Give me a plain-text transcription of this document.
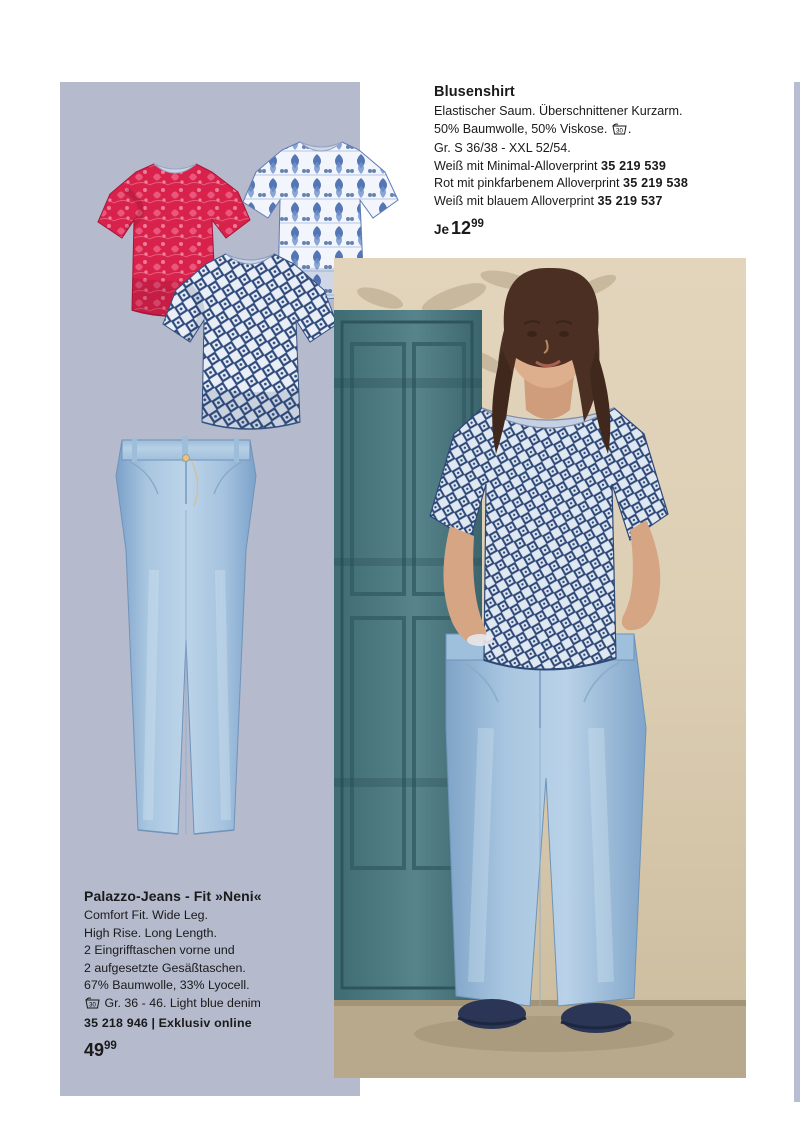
Blusenshirt

Elastischer Saum. Überschnittener Kurzarm.

50% Baumwolle, 50% Viskose. 30 .

Gr. S 36/38 - XXL 52/54.

Weiß mit Minimal-Alloverprint 35 219 539

Rot mit pinkfarbenem Alloverprint 35 219 538

Weiß mit blauem Alloverprint 35 219 537

Je $12^{99}$

Palazzo-Jeans - Fit »Neni«

Comfort Fit. Wide Leg.

High Rise. Long Length.

2 Eingrifftaschen vorne und

2 aufgesetzte Gesäßtaschen.

67% Baumwolle, 33% Lyocell.

30 Gr. 36 - 46. Light blue denim

35 218 946 | Exklusiv online

$49^{99}$
